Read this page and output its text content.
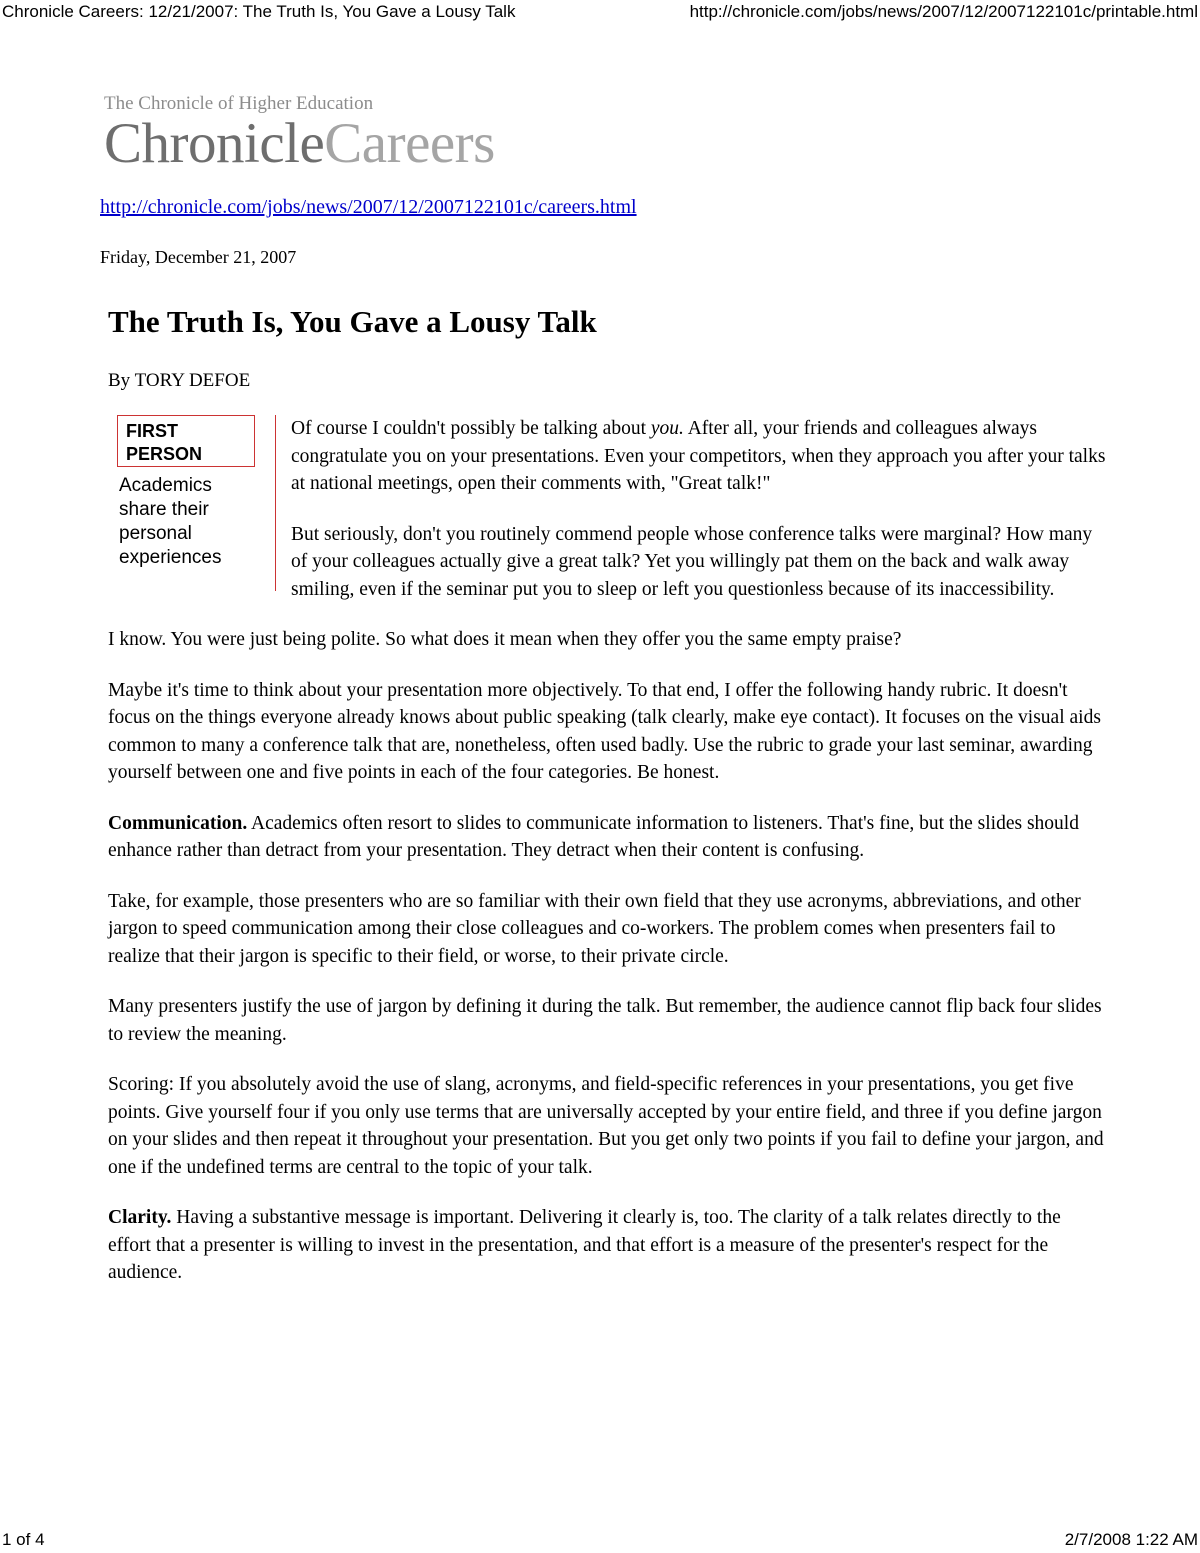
Chronicle Careers: 12/21/2007: The Truth Is, You Gave a Lousy Talk	http://chronicle.com/jobs/news/2007/12/2007122101c/printable.html
The Chronicle of Higher Education
ChronicleCareers
http://chronicle.com/jobs/news/2007/12/2007122101c/careers.html
Friday, December 21, 2007
The Truth Is, You Gave a Lousy Talk
By TORY DEFOE
FIRST
PERSON
Academics share their personal experiences

Of course I couldn't possibly be talking about you. After all, your friends and colleagues always congratulate you on your presentations. Even your competitors, when they approach you after your talks at national meetings, open their comments with, "Great talk!"

But seriously, don't you routinely commend people whose conference talks were marginal? How many of your colleagues actually give a great talk? Yet you willingly pat them on the back and walk away smiling, even if the seminar put you to sleep or left you questionless because of its inaccessibility.

I know. You were just being polite. So what does it mean when they offer you the same empty praise?

Maybe it's time to think about your presentation more objectively. To that end, I offer the following handy rubric. It doesn't focus on the things everyone already knows about public speaking (talk clearly, make eye contact). It focuses on the visual aids common to many a conference talk that are, nonetheless, often used badly. Use the rubric to grade your last seminar, awarding yourself between one and five points in each of the four categories. Be honest.

Communication. Academics often resort to slides to communicate information to listeners. That's fine, but the slides should enhance rather than detract from your presentation. They detract when their content is confusing.

Take, for example, those presenters who are so familiar with their own field that they use acronyms, abbreviations, and other jargon to speed communication among their close colleagues and co-workers. The problem comes when presenters fail to realize that their jargon is specific to their field, or worse, to their private circle.

Many presenters justify the use of jargon by defining it during the talk. But remember, the audience cannot flip back four slides to review the meaning.

Scoring: If you absolutely avoid the use of slang, acronyms, and field-specific references in your presentations, you get five points. Give yourself four if you only use terms that are universally accepted by your entire field, and three if you define jargon on your slides and then repeat it throughout your presentation. But you get only two points if you fail to define your jargon, and one if the undefined terms are central to the topic of your talk.

Clarity. Having a substantive message is important. Delivering it clearly is, too. The clarity of a talk relates directly to the effort that a presenter is willing to invest in the presentation, and that effort is a measure of the presenter's respect for the audience.

1 of 4	2/7/2008 1:22 AM
